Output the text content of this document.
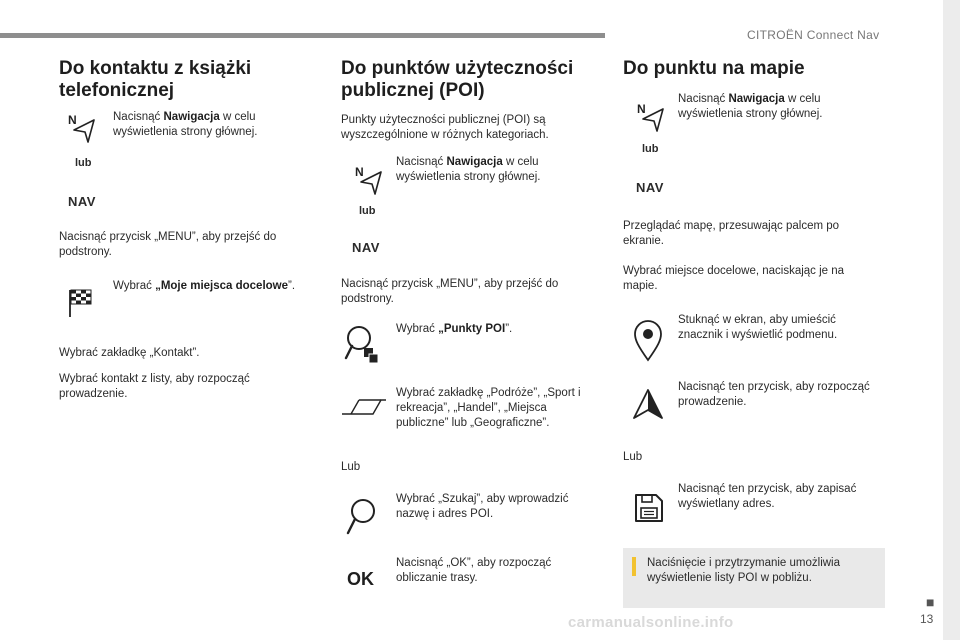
CITROËN Connect Nav
■
13
carmanualsonline.info
Do kontaktu z książki telefonicznej
N	Nacisnąć Nawigacja w celu wyświetlenia strony głównej.
lub
NAV
Nacisnąć przycisk „MENU”, aby przejść do podstrony.
Wybrać „Moje miejsca docelowe”.
Wybrać zakładkę „Kontakt”.
Wybrać kontakt z listy, aby rozpocząć prowadzenie.
Do punktów użyteczności publicznej (POI)
Punkty użyteczności publicznej (POI) są wyszczególnione w różnych kategoriach.
N
Nacisnąć Nawigacja w celu wyświetlenia strony głównej.
lub
NAV
Nacisnąć przycisk „MENU”, aby przejść do podstrony.
Wybrać „Punkty POI”.
Wybrać zakładkę „Podróże”, „Sport i rekreacja”, „Handel”, „Miejsca publiczne” lub „Geograficzne”.
Lub
Wybrać „Szukaj”, aby wprowadzić nazwę i adres POI.
OK
Nacisnąć „OK”, aby rozpocząć obliczanie trasy.
Do punktu na mapie
N
Nacisnąć Nawigacja w celu wyświetlenia strony głównej.
lub
NAV
Przeglądać mapę, przesuwając palcem po ekranie.
Wybrać miejsce docelowe, naciskając je na mapie.
Stuknąć w ekran, aby umieścić znacznik i wyświetlić podmenu.
Nacisnąć ten przycisk, aby rozpocząć prowadzenie.
Lub
Nacisnąć ten przycisk, aby zapisać wyświetlany adres.
Naciśnięcie i przytrzymanie umożliwia wyświetlenie listy POI w pobliżu.
